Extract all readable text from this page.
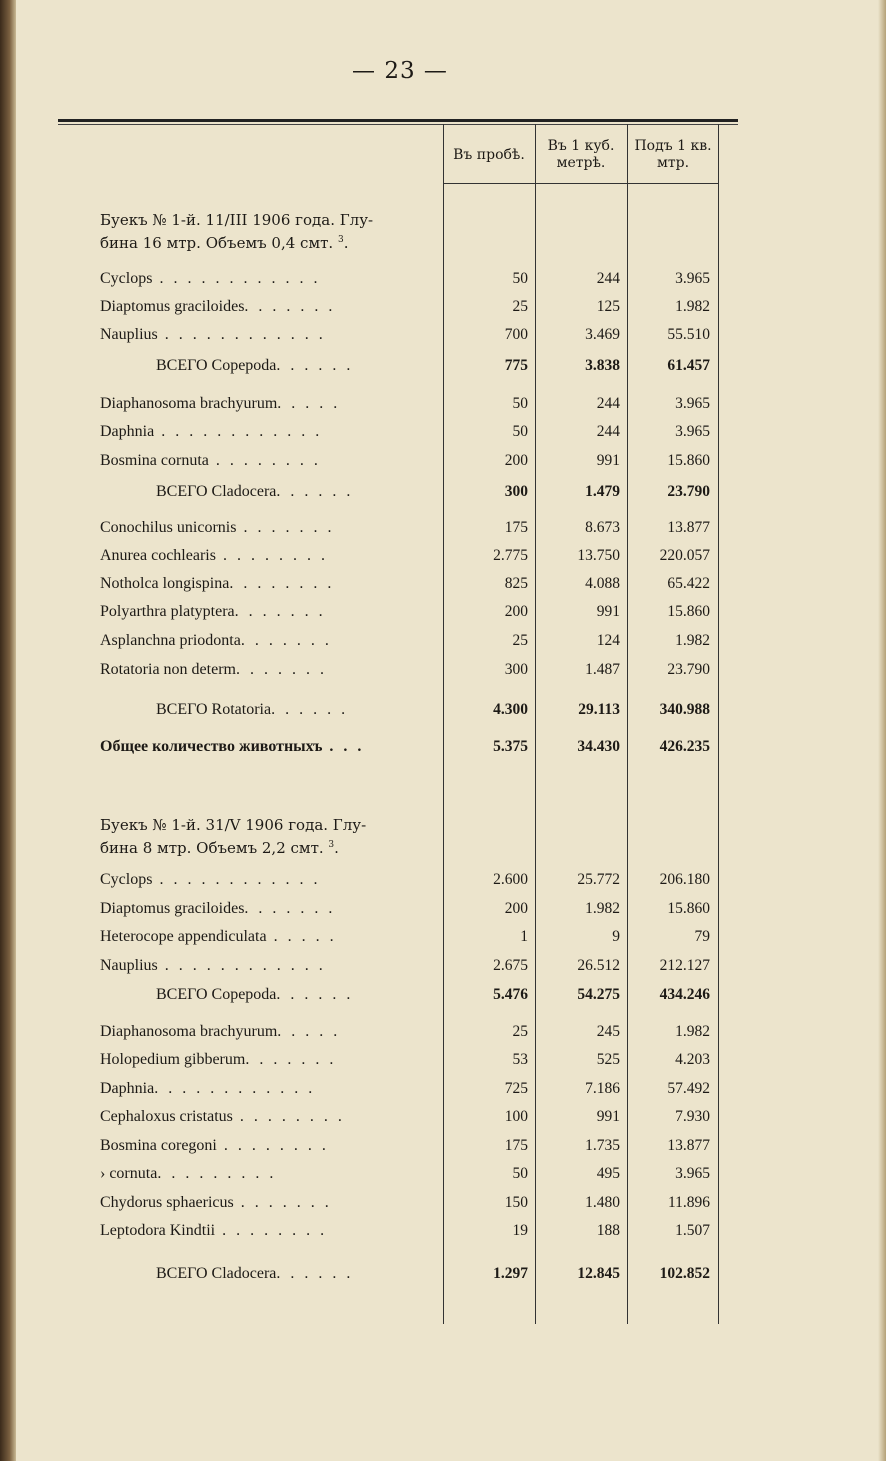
— 23 —
Въ пробѣ.
Въ 1 куб. метрѣ.
Подъ 1 кв. мтр.
Буекъ № 1-й. 11/III 1906 года. Глу-
бина 16 мтр. Объемъ 0,4 смт. $^3$.
Cyclops . . . . . . . . . . . .	50	244	3.965
Diaptomus graciloides. . . . . . .	25	125	1.982
Nauplius . . . . . . . . . . . .	700	3.469	55.510
ВСЕГО Copepoda. . . . . .	775	3.838	61.457
Diaphanosoma brachyurum. . . . .	50	244	3.965
Daphnia . . . . . . . . . . . .	50	244	3.965
Bosmina cornuta . . . . . . . .	200	991	15.860
ВСЕГО Cladocera. . . . . .	300	1.479	23.790
Conochilus unicornis . . . . . . .	175	8.673	13.877
Anurea cochlearis . . . . . . . .	2.775	13.750	220.057
Notholca longispina. . . . . . . .	825	4.088	65.422
Polyarthra platyptera. . . . . . .	200	991	15.860
Asplanchna priodonta. . . . . . .	25	124	1.982
Rotatoria non determ. . . . . . .	300	1.487	23.790
ВСЕГО Rotatoria. . . . . .	4.300	29.113	340.988
Общее количество животныхъ . . .	5.375	34.430	426.235
Буекъ № 1-й. 31/V 1906 года. Глу-
бина 8 мтр. Объемъ 2,2 смт. $^3$.
Cyclops . . . . . . . . . . . .	2.600	25.772	206.180
Diaptomus graciloides. . . . . . .	200	1.982	15.860
Heterocope appendiculata . . . . .	1	9	79
Nauplius . . . . . . . . . . . .	2.675	26.512	212.127
ВСЕГО Copepoda. . . . . .	5.476	54.275	434.246
Diaphanosoma brachyurum. . . . .	25	245	1.982
Holopedium gibberum. . . . . . .	53	525	4.203
Daphnia. . . . . . . . . . . .	725	7.186	57.492
Cephaloxus cristatus . . . . . . . .	100	991	7.930
Bosmina coregoni . . . . . . . .	175	1.735	13.877
› cornuta. . . . . . . . .	50	495	3.965
Chydorus sphaericus . . . . . . .	150	1.480	11.896
Leptodora Kindtii . . . . . . . .	19	188	1.507
ВСЕГО Cladocera. . . . . .	1.297	12.845	102.852
